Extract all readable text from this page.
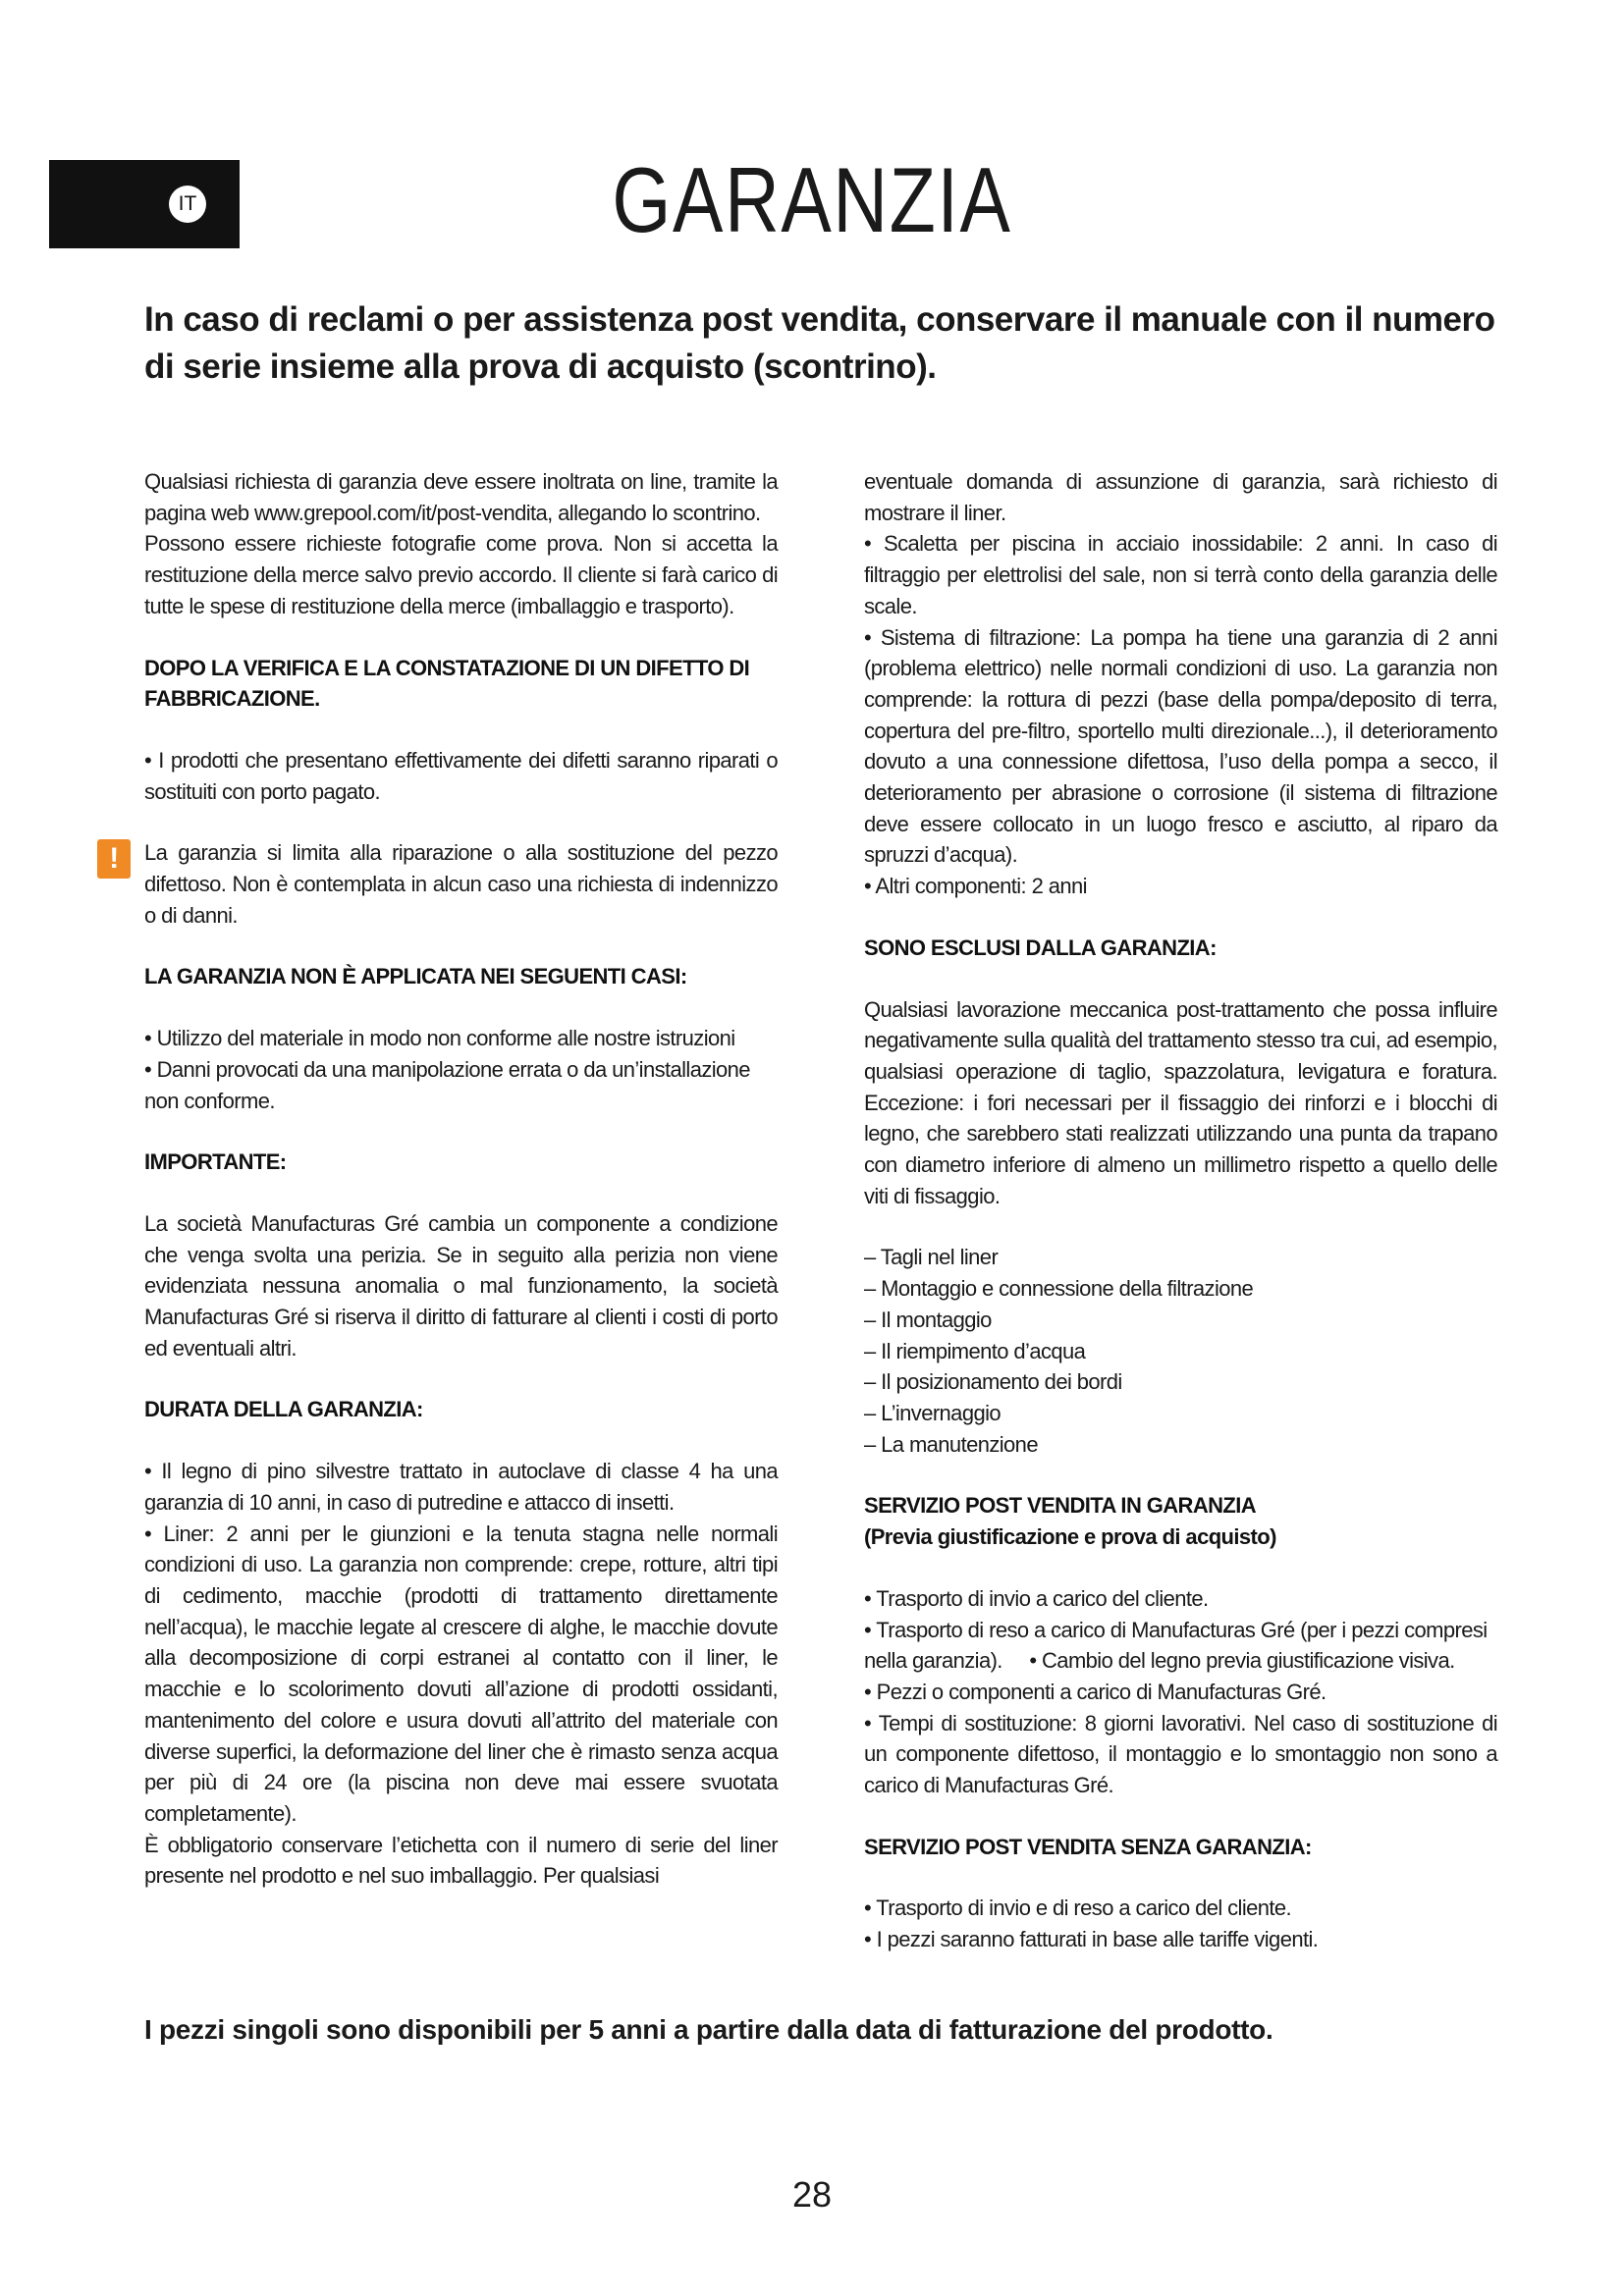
IT	GARANZIA

In caso di reclami o per assistenza post vendita, conservare il manuale con il numero di serie insieme alla prova di acquisto (scontrino).

Qualsiasi richiesta di garanzia deve essere inoltrata on line, tramite la pagina web www.grepool.com/it/post-vendita, allegando lo scontrino.

Possono essere richieste fotografie come prova. Non si accetta la restituzione della merce salvo previo accordo. Il cliente si farà carico di tutte le spese di restituzione della merce (imballaggio e trasporto).

DOPO LA VERIFICA E LA CONSTATAZIONE DI UN DIFETTO DI FABBRICAZIONE.

• I prodotti che presentano effettivamente dei difetti saranno riparati o sostituiti con porto pagato.

!	La garanzia si limita alla riparazione o alla sostituzione del pezzo difettoso. Non è contemplata in alcun caso una richiesta di indennizzo o di danni.

LA GARANZIA NON È APPLICATA NEI SEGUENTI CASI:

• Utilizzo del materiale in modo non conforme alle nostre istruzioni

• Danni provocati da una manipolazione errata o da un’installazione non conforme.

IMPORTANTE:

La società Manufacturas Gré cambia un componente a condizione che venga svolta una perizia. Se in seguito alla perizia non viene evidenziata nessuna anomalia o mal funzionamento, la società Manufacturas Gré si riserva il diritto di fatturare al clienti i costi di porto ed eventuali altri.

DURATA DELLA GARANZIA:

• Il legno di pino silvestre trattato in autoclave di classe 4 ha una garanzia di 10 anni, in caso di putredine e attacco di insetti.

• Liner: 2 anni per le giunzioni e la tenuta stagna nelle normali condizioni di uso. La garanzia non comprende: crepe, rotture, altri tipi di cedimento, macchie (prodotti di trattamento direttamente nell’acqua), le macchie legate al crescere di alghe, le macchie dovute alla decomposizione di corpi estranei al contatto con il liner, le macchie e lo scolorimento dovuti all’azione di prodotti ossidanti, mantenimento del colore e usura dovuti all’attrito del materiale con diverse superfici, la deformazione del liner che è rimasto senza acqua per più di 24 ore (la piscina non deve mai essere svuotata completamente).

È obbligatorio conservare l’etichetta con il numero di serie del liner presente nel prodotto e nel suo imballaggio. Per qualsiasi

eventuale domanda di assunzione di garanzia, sarà richiesto di mostrare il liner.

• Scaletta per piscina in acciaio inossidabile: 2 anni. In caso di filtraggio per elettrolisi del sale, non si terrà conto della garanzia delle scale.

• Sistema di filtrazione: La pompa ha tiene una garanzia di 2 anni (problema elettrico) nelle normali condizioni di uso. La garanzia non comprende: la rottura di pezzi (base della pompa/deposito di terra, copertura del pre-filtro, sportello multi direzionale...), il deterioramento dovuto a una connessione difettosa, l’uso della pompa a secco, il deterioramento per abrasione o corrosione (il sistema di filtrazione deve essere collocato in un luogo fresco e asciutto, al riparo da spruzzi d’acqua).

• Altri componenti: 2 anni

SONO ESCLUSI DALLA GARANZIA:

Qualsiasi lavorazione meccanica post-trattamento che possa influire negativamente sulla qualità del trattamento stesso tra cui, ad esempio, qualsiasi operazione di taglio, spazzolatura, levigatura e foratura. Eccezione: i fori necessari per il fissaggio dei rinforzi e i blocchi di legno, che sarebbero stati realizzati utilizzando una punta da trapano con diametro inferiore di almeno un millimetro rispetto a quello delle viti di fissaggio.

– Tagli nel liner

– Montaggio e connessione della filtrazione

– Il montaggio

– Il riempimento d’acqua

– Il posizionamento dei bordi

– L’invernaggio

– La manutenzione

SERVIZIO POST VENDITA IN GARANZIA

(Previa giustificazione e prova di acquisto)

• Trasporto di invio a carico del cliente.

• Trasporto di reso a carico di Manufacturas Gré (per i pezzi compresi nella garanzia).     • Cambio del legno previa giustificazione visiva.

• Pezzi o componenti a carico di Manufacturas Gré.

• Tempi di sostituzione: 8 giorni lavorativi. Nel caso di sostituzione di un componente difettoso, il montaggio e lo smontaggio non sono a carico di Manufacturas Gré.

SERVIZIO POST VENDITA SENZA GARANZIA:

• Trasporto di invio e di reso a carico del cliente.

• I pezzi saranno fatturati in base alle tariffe vigenti.

I pezzi singoli sono disponibili per 5 anni a partire dalla data di fatturazione del prodotto.

28
